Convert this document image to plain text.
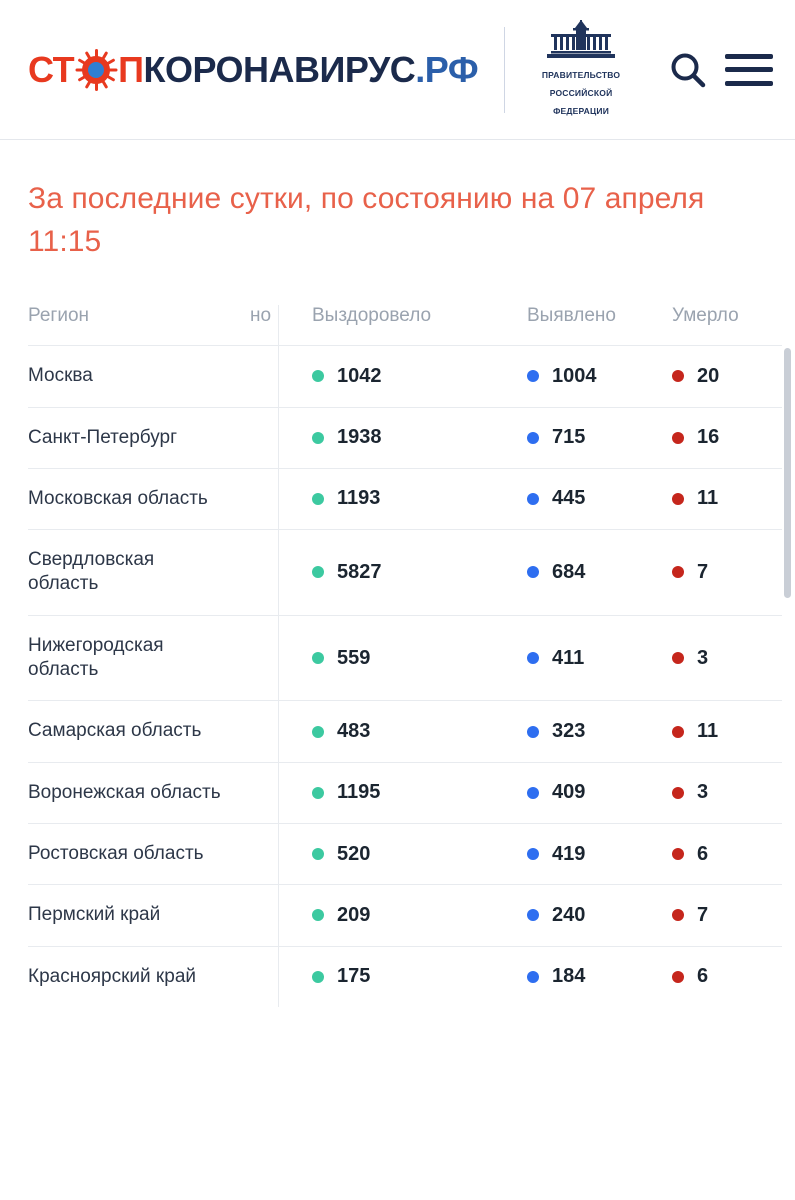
СТ П КОРОНАВИРУС .РФ	ПРАВИТЕЛЬСТВО
РОССИЙСКОЙ
ФЕДЕРАЦИИ
За последние сутки, по состоянию на 07 апреля 11:15
Регион	но	Выздоровело	Выявлено	Умерло
Москва		1042	1004	20

Санкт-Петербург		1938	715	16

Московская область		1193	445	11

Свердловская область		5827	684	7

Нижегородская область		559	411	3

Самарская область		483	323	11

Воронежская область		1195	409	3

Ростовская область		520	419	6

Пермский край		209	240	7

Красноярский край		175	184	6
